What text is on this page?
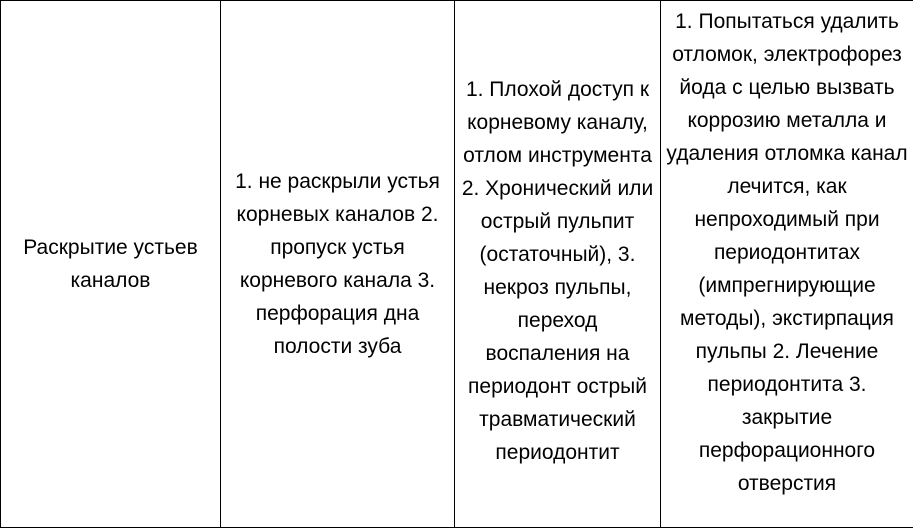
Раскрытие устьев каналов
1. не раскрыли устья корневых каналов 2. пропуск устья корневого канала 3. перфорация дна полости зуба
1. Плохой доступ к корневому каналу, отлом инструмента 2. Хронический или острый пульпит (остаточный), 3. некроз пульпы, переход воспаления на периодонт острый травматический периодонтит
1. Попытаться удалить отломок, электрофорез йода с целью вызвать коррозию металла и удаления отломка канал лечится, как непроходимый при периодонтитах (импрегнирующие методы), экстирпация пульпы 2. Лечение периодонтита 3. закрытие перфорационного отверстия
